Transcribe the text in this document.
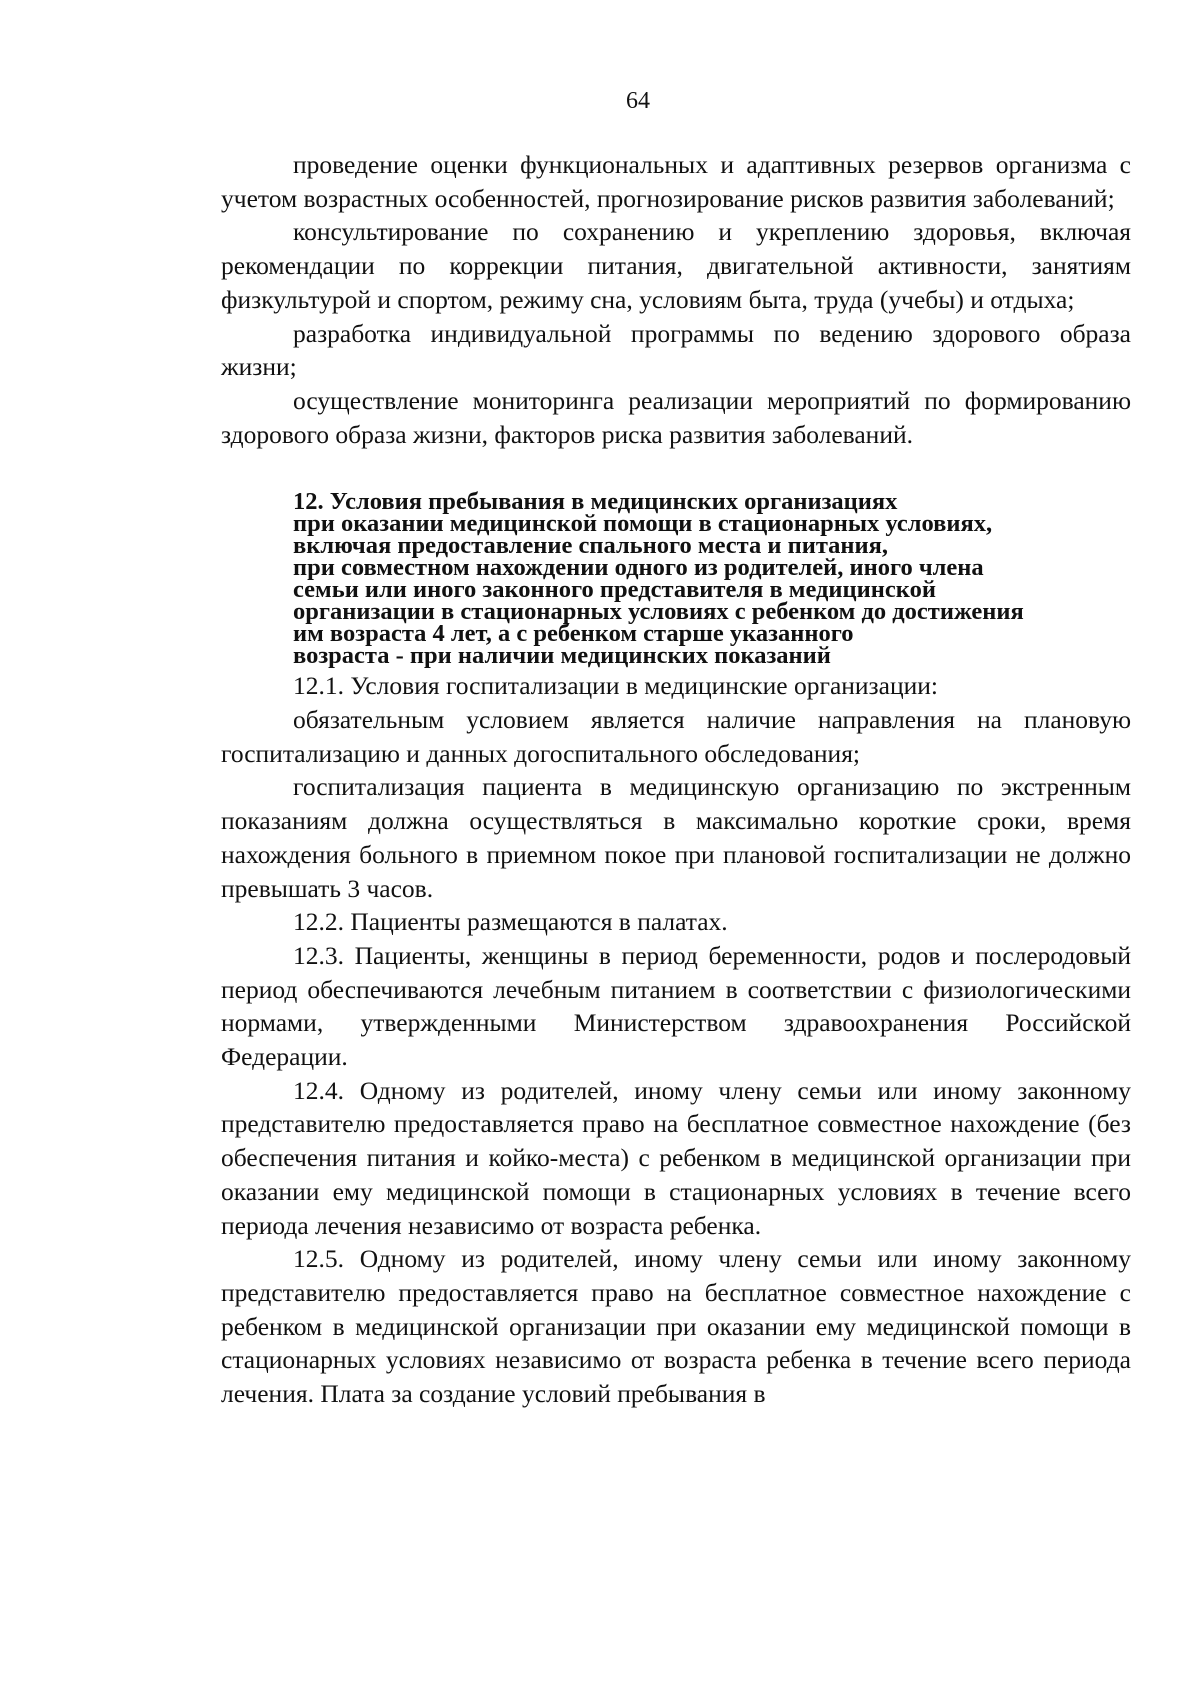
64

проведение оценки функциональных и адаптивных резервов организма с учетом возрастных особенностей, прогнозирование рисков развития заболеваний;

консультирование по сохранению и укреплению здоровья, включая рекомендации по коррекции питания, двигательной активности, занятиям физкультурой и спортом, режиму сна, условиям быта, труда (учебы) и отдыха;

разработка индивидуальной программы по ведению здорового образа жизни;

осуществление мониторинга реализации мероприятий по формированию здорового образа жизни, факторов риска развития заболеваний.

12. Условия пребывания в медицинских организациях
при оказании медицинской помощи в стационарных условиях,
включая предоставление спального места и питания,
при совместном нахождении одного из родителей, иного члена
семьи или иного законного представителя в медицинской
организации в стационарных условиях с ребенком до достижения
им возраста 4 лет, а с ребенком старше указанного
возраста - при наличии медицинских показаний

12.1. Условия госпитализации в медицинские организации:

обязательным условием является наличие направления на плановую госпитализацию и данных догоспитального обследования;

госпитализация пациента в медицинскую организацию по экстренным показаниям должна осуществляться в максимально короткие сроки, время нахождения больного в приемном покое при плановой госпитализации не должно превышать 3 часов.

12.2. Пациенты размещаются в палатах.

12.3. Пациенты, женщины в период беременности, родов и послеродовый период обеспечиваются лечебным питанием в соответствии с физиологическими нормами, утвержденными Министерством здравоохранения Российской Федерации.

12.4. Одному из родителей, иному члену семьи или иному законному представителю предоставляется право на бесплатное совместное нахождение (без обеспечения питания и койко-места) с ребенком в медицинской организации при оказании ему медицинской помощи в стационарных условиях в течение всего периода лечения независимо от возраста ребенка.

12.5. Одному из родителей, иному члену семьи или иному законному представителю предоставляется право на бесплатное совместное нахождение с ребенком в медицинской организации при оказании ему медицинской помощи в стационарных условиях независимо от возраста ребенка в течение всего периода лечения. Плата за создание условий пребывания в
